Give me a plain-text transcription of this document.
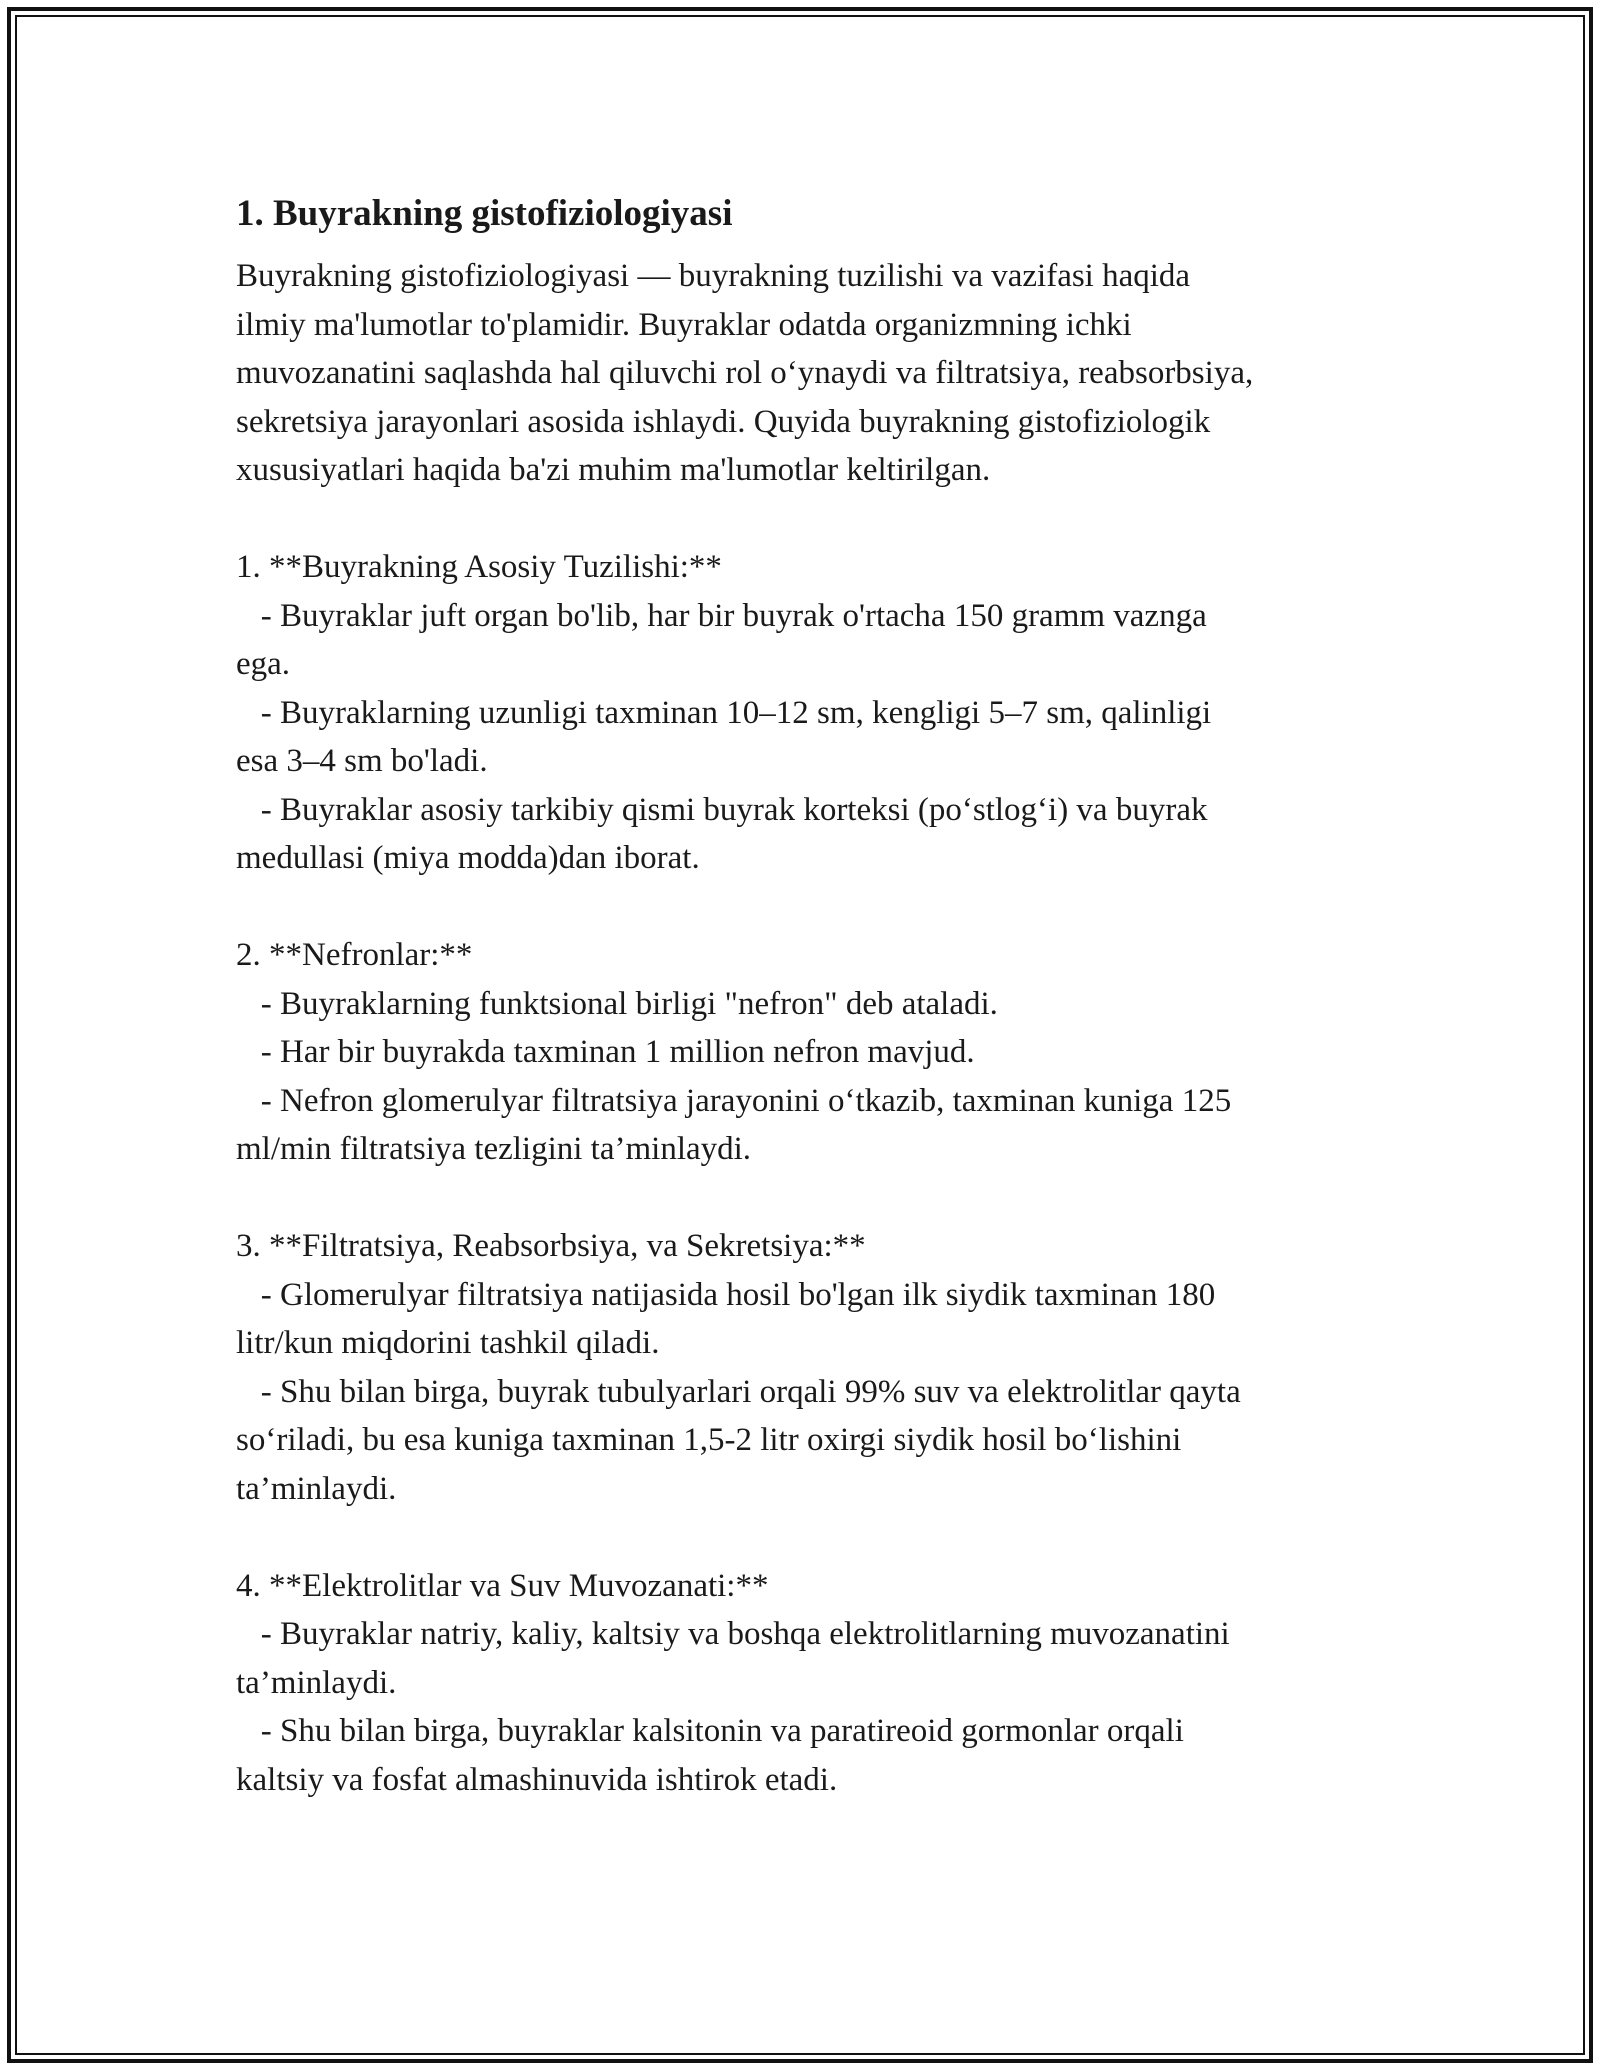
1. Buyrakning gistofiziologiyasi

Buyrakning gistofiziologiyasi — buyrakning tuzilishi va vazifasi haqida

ilmiy ma'lumotlar to'plamidir. Buyraklar odatda organizmning ichki

muvozanatini saqlashda hal qiluvchi rol o‘ynaydi va filtratsiya, reabsorbsiya,

sekretsiya jarayonlari asosida ishlaydi. Quyida buyrakning gistofiziologik

xususiyatlari haqida ba'zi muhim ma'lumotlar keltirilgan.

1. **Buyrakning Asosiy Tuzilishi:**

- Buyraklar juft organ bo'lib, har bir buyrak o'rtacha 150 gramm vaznga

ega.

- Buyraklarning uzunligi taxminan 10–12 sm, kengligi 5–7 sm, qalinligi

esa 3–4 sm bo'ladi.

- Buyraklar asosiy tarkibiy qismi buyrak korteksi (po‘stlog‘i) va buyrak

medullasi (miya modda)dan iborat.

2. **Nefronlar:**

- Buyraklarning funktsional birligi "nefron" deb ataladi.

- Har bir buyrakda taxminan 1 million nefron mavjud.

- Nefron glomerulyar filtratsiya jarayonini o‘tkazib, taxminan kuniga 125

ml/min filtratsiya tezligini ta’minlaydi.

3. **Filtratsiya, Reabsorbsiya, va Sekretsiya:**

- Glomerulyar filtratsiya natijasida hosil bo'lgan ilk siydik taxminan 180

litr/kun miqdorini tashkil qiladi.

- Shu bilan birga, buyrak tubulyarlari orqali 99% suv va elektrolitlar qayta

so‘riladi, bu esa kuniga taxminan 1,5-2 litr oxirgi siydik hosil bo‘lishini

ta’minlaydi.

4. **Elektrolitlar va Suv Muvozanati:**

- Buyraklar natriy, kaliy, kaltsiy va boshqa elektrolitlarning muvozanatini

ta’minlaydi.

- Shu bilan birga, buyraklar kalsitonin va paratireoid gormonlar orqali

kaltsiy va fosfat almashinuvida ishtirok etadi.
